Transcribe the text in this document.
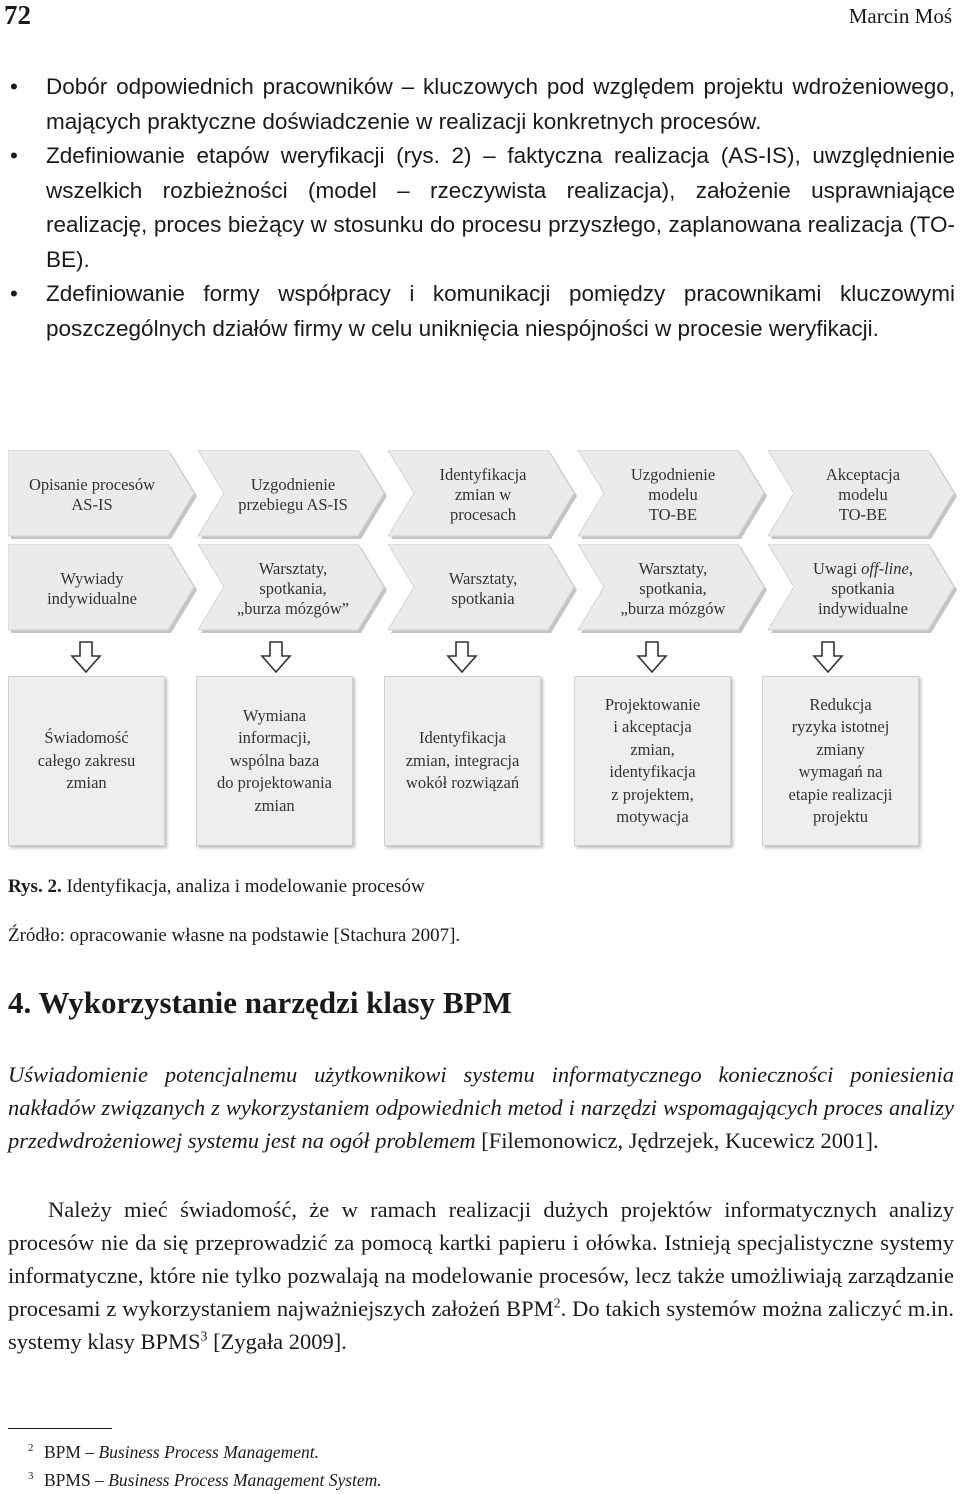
72	Marcin Moś
• Dobór odpowiednich pracowników – kluczowych pod względem projektu wdrożeniowego, mających praktyczne doświadczenie w realizacji konkretnych procesów.
• Zdefiniowanie etapów weryfikacji (rys. 2) – faktyczna realizacja (AS-IS), uwzględnienie wszelkich rozbieżności (model – rzeczywista realizacja), założenie usprawniające realizację, proces bieżący w stosunku do procesu przyszłego, zaplanowana realizacja (TO-BE).
• Zdefiniowanie formy współpracy i komunikacji pomiędzy pracownikami kluczowymi poszczególnych działów firmy w celu uniknięcia niespójności w procesie weryfikacji.
Opisanie procesów
AS-IS
Uzgodnienie
przebiegu AS-IS
Identyfikacja
zmian w
procesach
Uzgodnienie
modelu
TO-BE
Akceptacja
modelu
TO-BE
Wywiady
indywidualne
Warsztaty,
spotkania,
„burza mózgów”
Warsztaty,
spotkania
Warsztaty,
spotkania,
„burza mózgów
Uwagi off-line,
spotkania
indywidualne
Świadomość
całego zakresu
zmian
Wymiana
informacji,
wspólna baza
do projektowania
zmian
Identyfikacja
zmian, integracja
wokół rozwiązań
Projektowanie
i akceptacja
zmian,
identyfikacja
z projektem,
motywacja
Redukcja
ryzyka istotnej
zmiany
wymagań na
etapie realizacji
projektu
Rys. 2. Identyfikacja, analiza i modelowanie procesów
Źródło: opracowanie własne na podstawie [Stachura 2007].
4. Wykorzystanie narzędzi klasy BPM
Uświadomienie potencjalnemu użytkownikowi systemu informatycznego konieczności poniesienia nakładów związanych z wykorzystaniem odpowiednich metod i narzędzi wspomagających proces analizy przedwdrożeniowej systemu jest na ogół problemem [Filemonowicz, Jędrzejek, Kucewicz 2001].
Należy mieć świadomość, że w ramach realizacji dużych projektów informatycznych analizy procesów nie da się przeprowadzić za pomocą kartki papieru i ołówka. Istnieją specjalistyczne systemy informatyczne, które nie tylko pozwalają na modelowanie procesów, lecz także umożliwiają zarządzanie procesami z wykorzystaniem najważniejszych założeń BPM$^2$. Do takich systemów można zaliczyć m.in. systemy klasy BPMS$^3$ [Zygała 2009].
2 BPM – Business Process Management.
3 BPMS – Business Process Management System.
